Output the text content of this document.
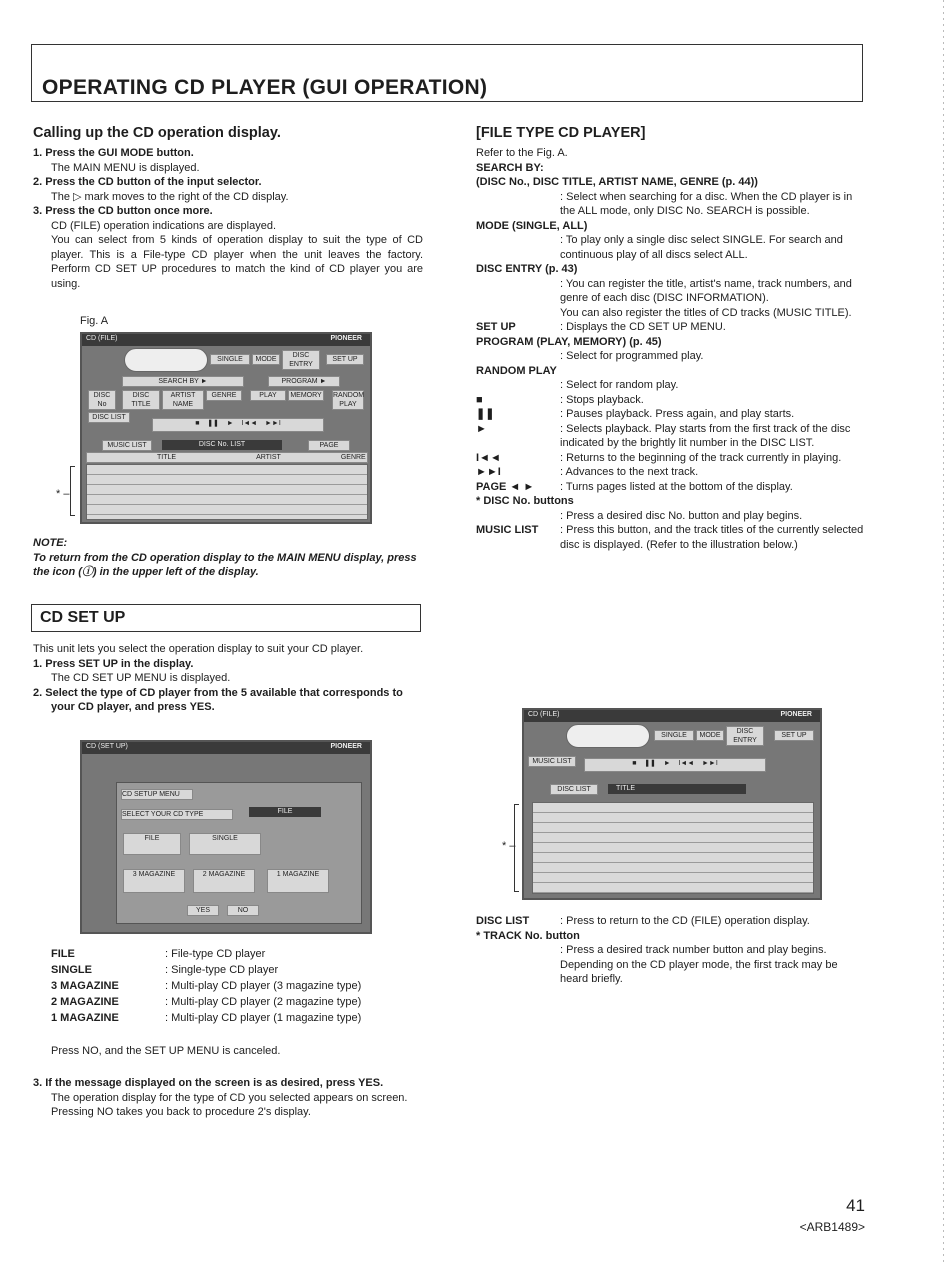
OPERATING CD PLAYER (GUI OPERATION)
Calling up the CD operation display.

1. Press the GUI MODE button.

The MAIN MENU is displayed.

2. Press the CD button of the input selector.

The ▷ mark moves to the right of the CD display.

3. Press the CD button once more.

CD (FILE) operation indications are displayed.
You can select from 5 kinds of operation display to suit the type of CD player. This is a File-type CD player when the unit leaves the factory. Perform CD SET UP procedures to match the kind of CD player you are using.

Fig. A
CD (FILE)	PIONEER
SINGLE	MODE
DISC ENTRY
SET UP
SEARCH BY ►	PROGRAM ►
DISC No
DISC TITLE
ARTIST NAME
GENRE	PLAY	MEMORY	RANDOM PLAY
DISC LIST
■    ❚❚    ►    I◄◄    ►►I
MUSIC LIST	DISC No. LIST	PAGE
TITLE	ARTIST	GENRE
* –

NOTE:

To return from the CD operation display to the MAIN MENU display, press the icon (ⓘ) in the upper left of the display.

CD SET UP

This unit lets you select the operation display to suit your CD player.

1. Press SET UP in the display.

The CD SET UP MENU is displayed.

2. Select the type of CD player from the 5 available that corresponds to your CD player, and press YES.

CD (SET UP)	PIONEER
CD SETUP MENU
SELECT YOUR CD TYPE	FILE
FILE	SINGLE
3 MAGAZINE	2 MAGAZINE	1 MAGAZINE
YES	NO
FILE	: File-type CD player
SINGLE	: Single-type CD player
3 MAGAZINE	: Multi-play CD player (3 magazine type)
2 MAGAZINE	: Multi-play CD player (2 magazine type)
1 MAGAZINE	: Multi-play CD player (1 magazine type)
Press NO, and the SET UP MENU is canceled.

3. If the message displayed on the screen is as desired, press YES.

The operation display for the type of CD you selected appears on screen.
Pressing NO takes you back to procedure 2's display.

[FILE TYPE CD PLAYER]

Refer to the Fig. A.

SEARCH BY:

(DISC No., DISC TITLE, ARTIST NAME, GENRE (p. 44))

: Select when searching for a disc. When the CD player is in the ALL mode, only DISC No. SEARCH is possible.

MODE (SINGLE, ALL)

: To play only a single disc select SINGLE. For search and continuous play of all discs select ALL.

DISC ENTRY (p. 43)

: You can register the title, artist's name, track numbers, and genre of each disc (DISC INFORMATION).
You can also register the titles of CD tracks (MUSIC TITLE).

SET UP	: Displays the CD SET UP MENU.

PROGRAM (PLAY, MEMORY) (p. 45)

: Select for programmed play.

RANDOM PLAY

: Select for random play.

■	: Stops playback.

❚❚	: Pauses playback. Press again, and play starts.

►	: Selects playback. Play starts from the first track of the disc indicated by the brightly lit number in the DISC LIST.

I◄◄	: Returns to the beginning of the track currently in playing.

►►I	: Advances to the next track.

PAGE ◄ ► : Turns pages listed at the bottom of the display.

* DISC No. buttons

: Press a desired disc No. button and play begins.

MUSIC LIST : Press this button, and the track titles of the currently selected disc is displayed. (Refer to the illustration below.)

CD (FILE)	PIONEER
SINGLE	MODE
DISC ENTRY
SET UP
MUSIC LIST	■    ❚❚    ►    I◄◄    ►►I
DISC LIST	TITLE
* –

DISC LIST	: Press to return to the CD (FILE) operation display.

* TRACK No. button

: Press a desired track number button and play begins. Depending on the CD player mode, the first track may be heard briefly.

41
<ARB1489>
